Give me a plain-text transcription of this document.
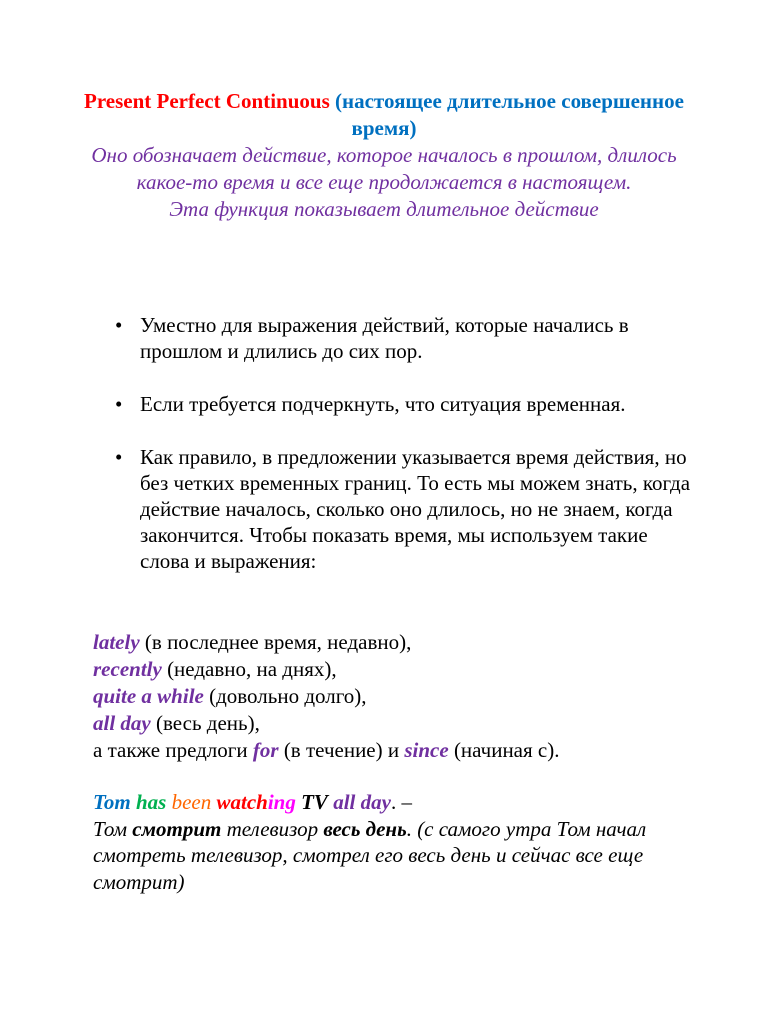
Present Perfect Continuous (настоящее длительное совершенное время)
Оно обозначает действие, которое началось в прошлом, длилось какое-то время и все еще продолжается в настоящем.
Эта функция показывает длительное действие
• Уместно для выражения действий, которые начались в прошлом и длились до сих пор.
• Если требуется подчеркнуть, что ситуация временная.
• Как правило, в предложении указывается время действия, но без четких временных границ. То есть мы можем знать, когда действие началось, сколько оно длилось, но не знаем, когда закончится. Чтобы показать время, мы используем такие слова и выражения:
lately (в последнее время, недавно),
recently (недавно, на днях),
quite a while (довольно долго),
all day (весь день),
а также предлоги for (в течение) и since (начиная с).
Tom has been watching TV all day. –
Том смотрит телевизор весь день. (с самого утра Том начал смотреть телевизор, смотрел его весь день и сейчас все еще смотрит)
